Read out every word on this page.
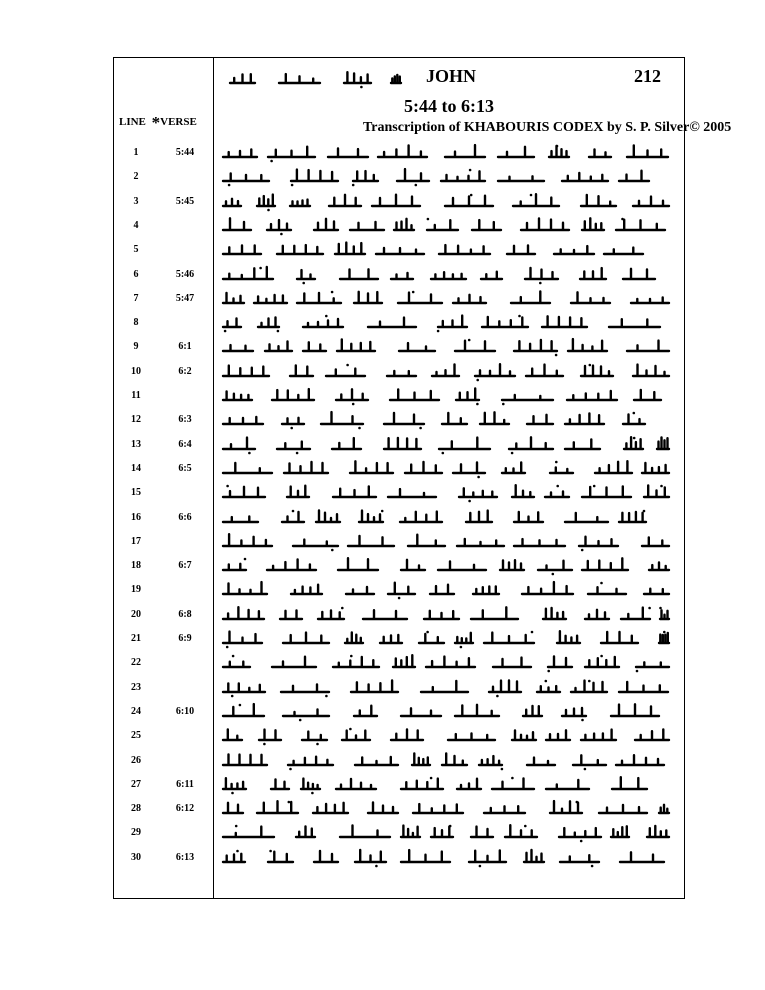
JOHN	212
5:44 to 6:13
Transcription of KHABOURIS CODEX by S. P. Silver© 2005
LINE *VERSE
1	5:44
2
3	5:45
4
5
6	5:46
7	5:47
8
9	6:1
10	6:2
11
12	6:3
13	6:4
14	6:5
15
16	6:6
17
18	6:7
19
20	6:8
21	6:9
22
23
24	6:10
25
26
27	6:11
28	6:12
29
30	6:13
